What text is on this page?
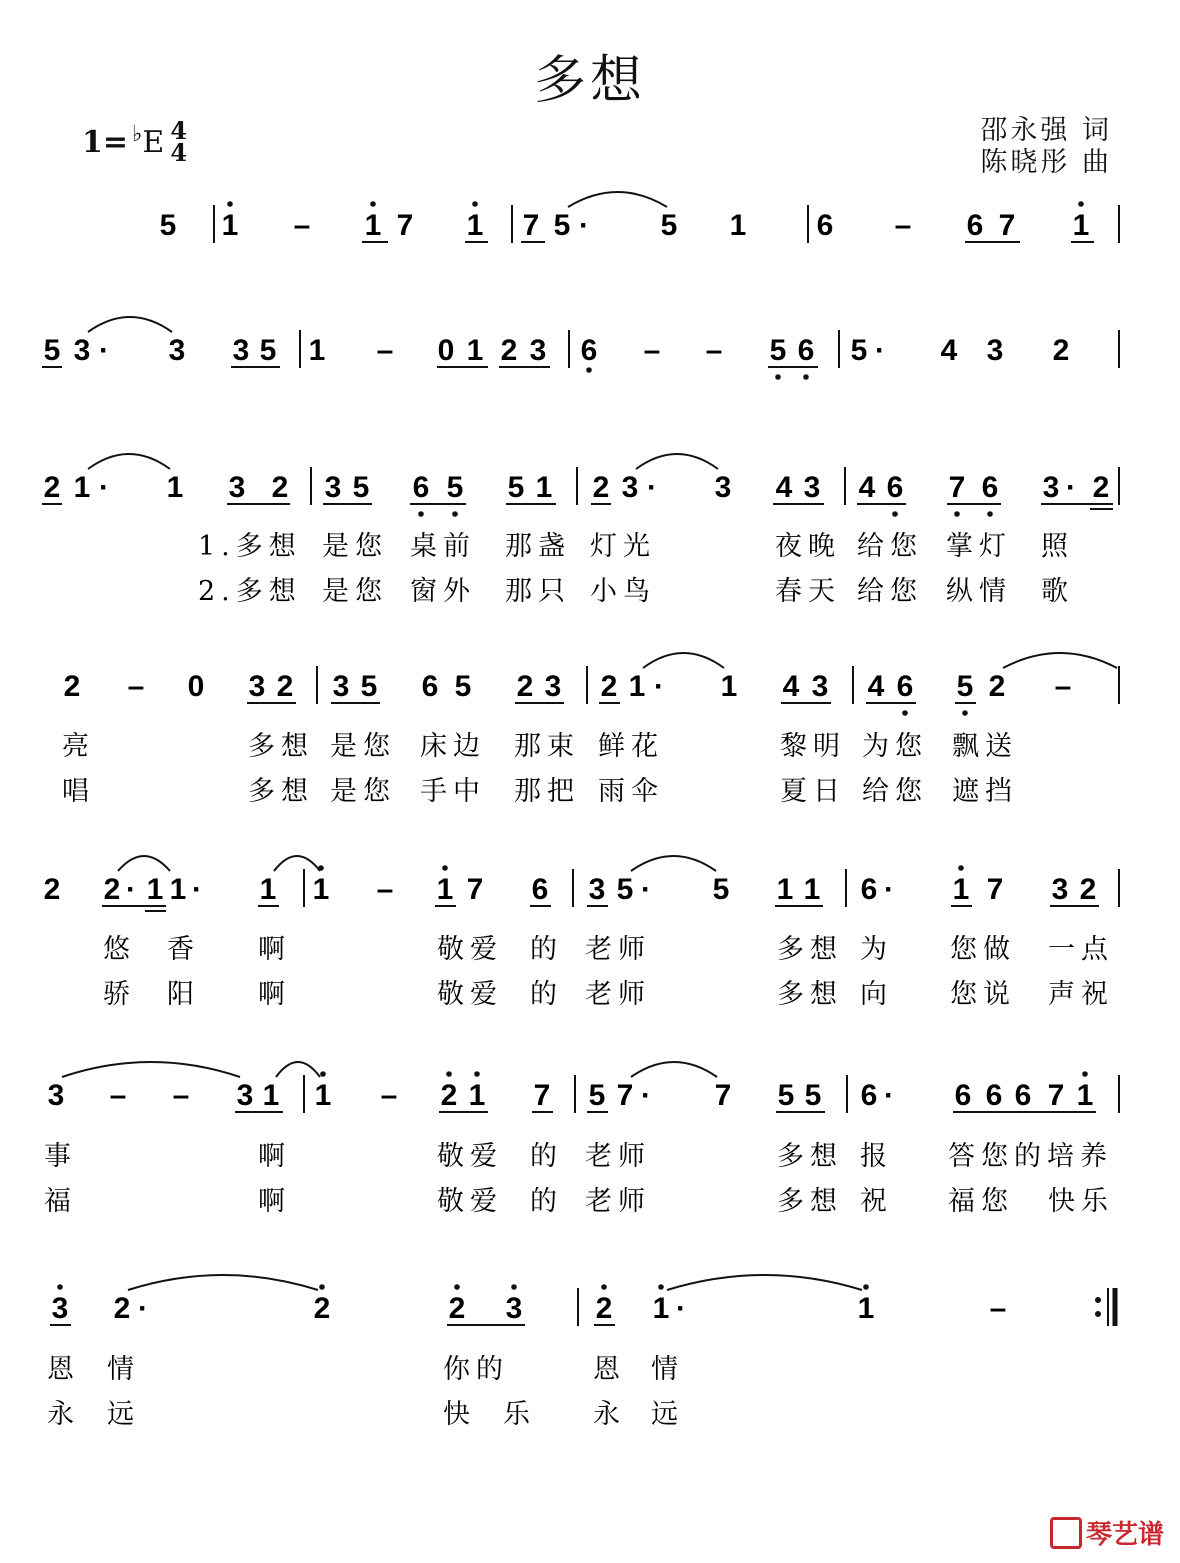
多想
1= ♭ E 4
4
邵永强 词
陈晓彤 曲
5 1 – 1 7 1 7 5 · 5 1 6 – 6 7 1
5 3 · 3 3 5 1 – 0 1 2 3 6 – – 5 6 5 · 4 3 2
2 1 · 1 3 2 3 5 6 5 5 1 2 3 · 3 4 3 4 6 7 6 3 · 2
1.多想 是您 桌前 那盏 灯光	夜晚 给您 掌灯 照
2.多想 是您 窗外 那只 小鸟	春天 给您 纵情 歌
2 – 0 3 2 3 5 6 5 2 3 2 1 · 1 4 3 4 6 5 2 –
亮	多想 是您 床边 那束 鲜花	黎明 为您 飘送
唱	多想 是您 手中 那把 雨伞	夏日 给您 遮挡
2 2 · 1 1 · 1 1 – 1 7 6 3 5 · 5 1 1 6 · 1 7 3 2
悠 香 啊	敬爱 的 老师	多想 为 您做 一点
骄 阳 啊	敬爱 的 老师	多想 向 您说 声祝
3 – – 3 1 1 – 2 1 7 5 7 · 7 5 5 6 · 6 6 6 7 1
事	啊	敬爱 的 老师	多想 报 答您的培养
福	啊	敬爱 的 老师	多想 祝 福您 快乐
3 2 ·	2	2 3 2 1 ·	1	–
恩 情	你的	恩 情
永 远	快 乐 永 远
琴艺谱
